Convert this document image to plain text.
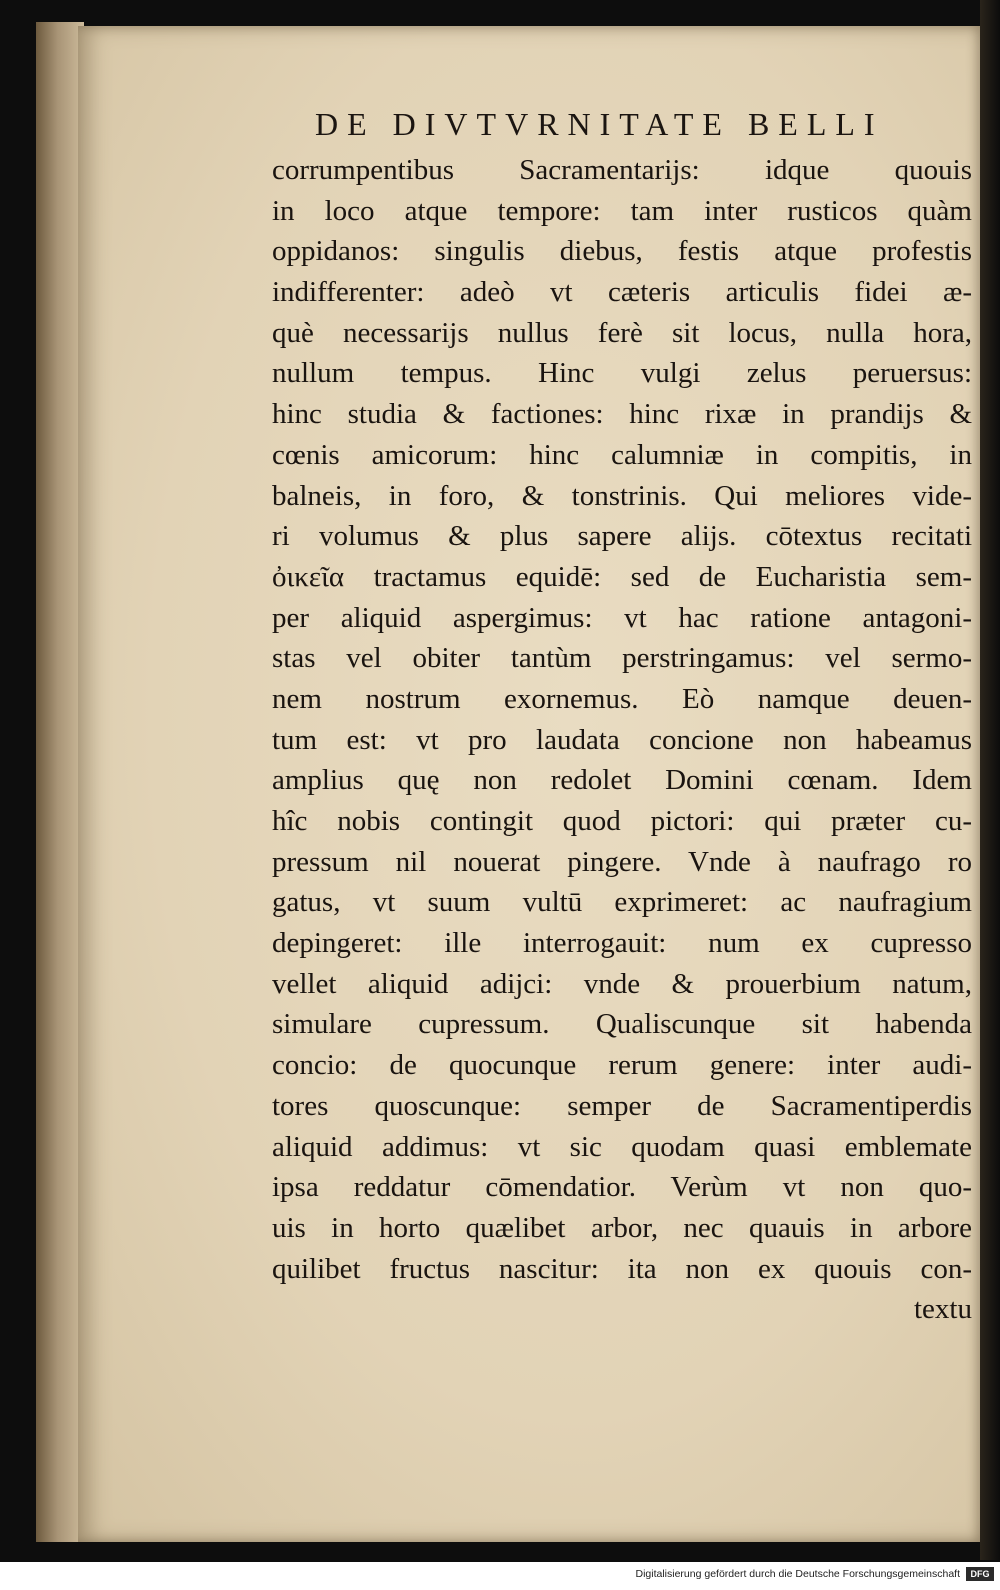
DE DIVTVRNITATE BELLI
corrumpentibus Sacramentarijs: idque quouis
in loco atque tempore: tam inter rusticos quàm
oppidanos: singulis diebus, festis atque profestis
indifferenter: adeò vt cæteris articulis fidei æ-
què necessarijs nullus ferè sit locus, nulla hora,
nullum tempus. Hinc vulgi zelus peruersus:
hinc studia & factiones: hinc rixæ in prandijs &
cœnis amicorum: hinc calumniæ in compitis, in
balneis, in foro, & tonstrinis. Qui meliores vide-
ri volumus & plus sapere alijs. cōtextus recitati
ὀικεῖα tractamus equidē: sed de Eucharistia sem-
per aliquid aspergimus: vt hac ratione antagoni-
stas vel obiter tantùm perstringamus: vel sermo-
nem nostrum exornemus. Eò namque deuen-
tum est: vt pro laudata concione non habeamus
amplius quę non redolet Domini cœnam. Idem
hîc nobis contingit quod pictori: qui præter cu-
pressum nil nouerat pingere. Vnde à naufrago ro
gatus, vt suum vultū exprimeret: ac naufragium
depingeret: ille interrogauit: num ex cupresso
vellet aliquid adijci: vnde & prouerbium natum,
simulare cupressum. Qualiscunque sit habenda
concio: de quocunque rerum genere: inter audi-
tores quoscunque: semper de Sacramentiperdis
aliquid addimus: vt sic quodam quasi emblemate
ipsa reddatur cōmendatior. Verùm vt non quo-
uis in horto quælibet arbor, nec quauis in arbore
quilibet fructus nascitur: ita non ex quouis con-
textu
Digitalisierung gefördert durch die Deutsche Forschungsgemeinschaft	DFG
